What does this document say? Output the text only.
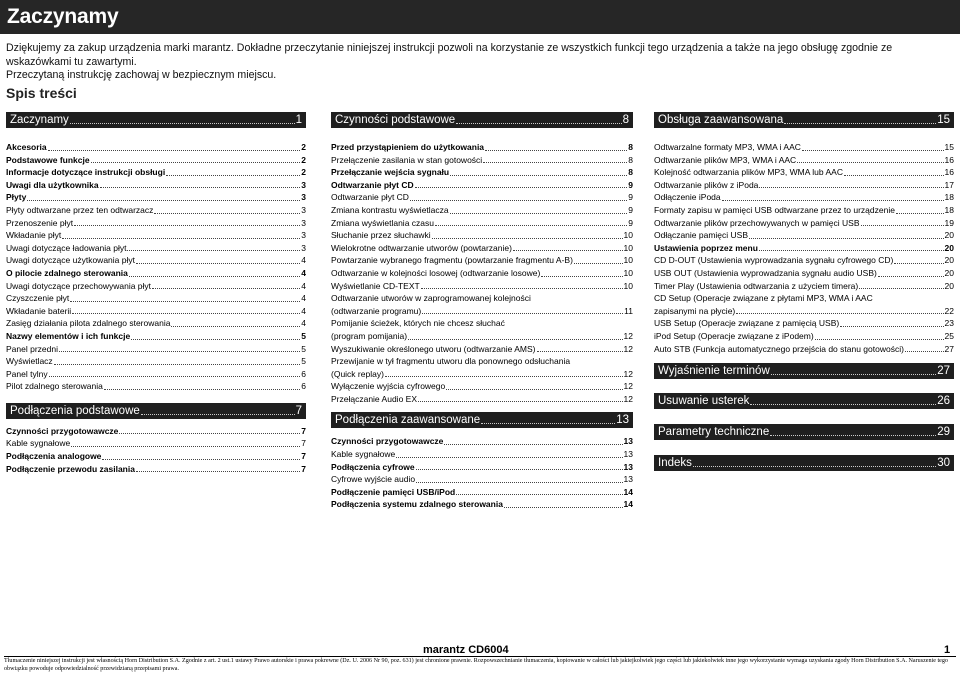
Zaczynamy

Dziękujemy za zakup urządzenia marki marantz. Dokładne przeczytanie niniejszej instrukcji pozwoli na korzystanie ze wszystkich funkcji tego urządzenia a także na jego obsługę zgodnie ze wskazówkami tu zawartymi.

Przeczytaną instrukcję zachowaj w bezpiecznym miejscu.

Spis treści
Zaczynamy	1
Akcesoria	2
Podstawowe funkcje	2
Informacje dotyczące instrukcji obsługi	2
Uwagi dla użytkownika	3
Płyty	3
Płyty odtwarzane przez ten odtwarzacz	3
Przenoszenie płyt	3
Wkładanie płyt	3
Uwagi dotyczące ładowania płyt	3
Uwagi dotyczące użytkowania płyt	4
O pilocie zdalnego sterowania	4
Uwagi dotyczące przechowywania płyt	4
Czyszczenie płyt	4
Wkładanie baterii	4
Zasięg działania pilota zdalnego sterowania	4
Nazwy elementów i ich funkcje	5
Panel przedni	5
Wyświetlacz	5
Panel tylny	6
Pilot zdalnego sterowania	6
Podłączenia podstawowe	7
Czynności przygotowawcze	7
Kable sygnałowe	7
Podłączenia analogowe	7
Podłączenie przewodu zasilania	7
Czynności podstawowe	8
Przed przystąpieniem do użytkowania	8
Przełączenie zasilania w stan gotowości	8
Przełączanie wejścia sygnału	8
Odtwarzanie płyt CD	9
Odtwarzanie płyt CD	9
Zmiana kontrastu wyświetlacza	9
Zmiana wyświetlania czasu	9
Słuchanie przez słuchawki	10
Wielokrotne odtwarzanie utworów (powtarzanie)	10
Powtarzanie wybranego fragmentu (powtarzanie fragmentu A-B)	10
Odtwarzanie w kolejności losowej (odtwarzanie losowe)	10
Wyświetlanie CD-TEXT	10
Odtwarzanie utworów w zaprogramowanej kolejności
(odtwarzanie programu)	11
Pomijanie ścieżek, których nie chcesz słuchać
(program pomijania)	12
Wyszukiwanie określonego utworu (odtwarzanie AMS)	12
Przewijanie w tył fragmentu utworu dla ponownego odsłuchania
(Quick replay)	12
Wyłączenie wyjścia cyfrowego	12
Przełączanie Audio EX	12
Podłączenia zaawansowane	13
Czynności przygotowawcze	13
Kable sygnałowe	13
Podłączenia cyfrowe	13
Cyfrowe wyjście audio	13
Podłączenie pamięci USB/iPod	14
Podłączenia systemu zdalnego sterowania	14
Obsługa zaawansowana	15
Odtwarzalne formaty MP3, WMA i AAC	15
Odtwarzanie plików MP3, WMA i AAC	16
Kolejność odtwarzania plików MP3, WMA lub AAC	16
Odtwarzanie plików z iPoda	17
Odłączenie iPoda	18
Formaty zapisu w pamięci USB odtwarzane przez to urządzenie	18
Odtwarzanie plików przechowywanych w pamięci USB	19
Odłączanie pamięci USB	20
Ustawienia poprzez menu	20
CD D-OUT (Ustawienia wyprowadzania sygnału cyfrowego CD)	20
USB OUT (Ustawienia wyprowadzania sygnału audio USB)	20
Timer Play (Ustawienia odtwarzania z użyciem timera)	20
CD Setup (Operacje związane z płytami MP3, WMA i AAC
zapisanymi na płycie)	22
USB Setup (Operacje związane z pamięcią USB)	23
iPod Setup (Operacje związane z iPodem)	25
Auto STB (Funkcja automatycznego przejścia do stanu gotowości)	27
Wyjaśnienie terminów	27
Usuwanie usterek	26
Parametry techniczne	29
Indeks	30
marantz CD6004	1
Tłumaczenie niniejszej instrukcji jest własnością Horn Distribution S.A. Zgodnie z art. 2 ust.1 ustawy Prawo autorskie i prawa pokrewne (Dz. U. 2006 Nr 90, poz. 631) jest chronione prawnie. Rozpowszechnianie tłumaczenia, kopiowanie w całości lub jakiejkolwiek jego części lub jakiekolwiek inne jego wykorzystanie wymaga uzyskania zgody Horn Distribution S.A. Naruszenie tego obwiązku powoduje odpowiedzialność przewidzianą przepisami prawa.
